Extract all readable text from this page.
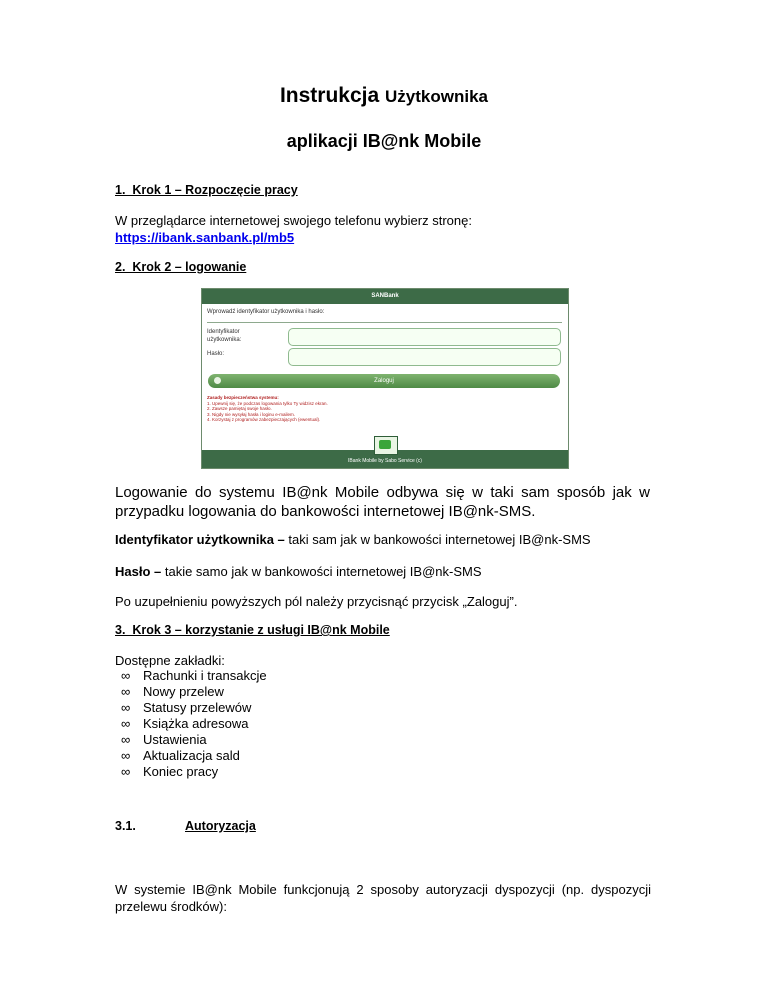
Instrukcja Użytkownika
aplikacji IB@nk Mobile
1.  Krok 1 – Rozpoczęcie pracy
W przeglądarce internetowej swojego telefonu wybierz stronę:
https://ibank.sanbank.pl/mb5
2.  Krok 2 – logowanie
SANBank
Wprowadź identyfikator użytkownika i hasło:
Identyfikator
użytkownika:
Hasło:
Zaloguj
Zasady bezpieczeństwa systemu:
1. Upewnij się, że podczas logowania tylko Ty widzisz ekran.
2. Zawsze pamiętaj swoje hasło.
3. Nigdy nie wysyłaj hasła i loginu e-mailem.
4. Korzystaj z programów zabezpieczających (ewentual).
IBank Mobile by Sabo Service (c)
Logowanie do systemu IB@nk Mobile odbywa się w taki sam sposób jak w przypadku logowania do bankowości internetowej IB@nk-SMS.
Identyfikator użytkownika – taki sam jak w bankowości internetowej IB@nk-SMS
Hasło – takie samo jak w bankowości internetowej IB@nk-SMS
Po uzupełnieniu powyższych pól należy przycisnąć przycisk „Zaloguj”.
3.  Krok 3 – korzystanie z usługi IB@nk Mobile
Dostępne zakładki:
∞ Rachunki i transakcje
∞ Nowy przelew
∞ Statusy przelewów
∞ Książka adresowa
∞ Ustawienia
∞ Aktualizacja sald
∞ Koniec pracy
3.1.	Autoryzacja
W systemie IB@nk Mobile funkcjonują 2 sposoby autoryzacji dyspozycji (np. dyspozycji przelewu środków):
